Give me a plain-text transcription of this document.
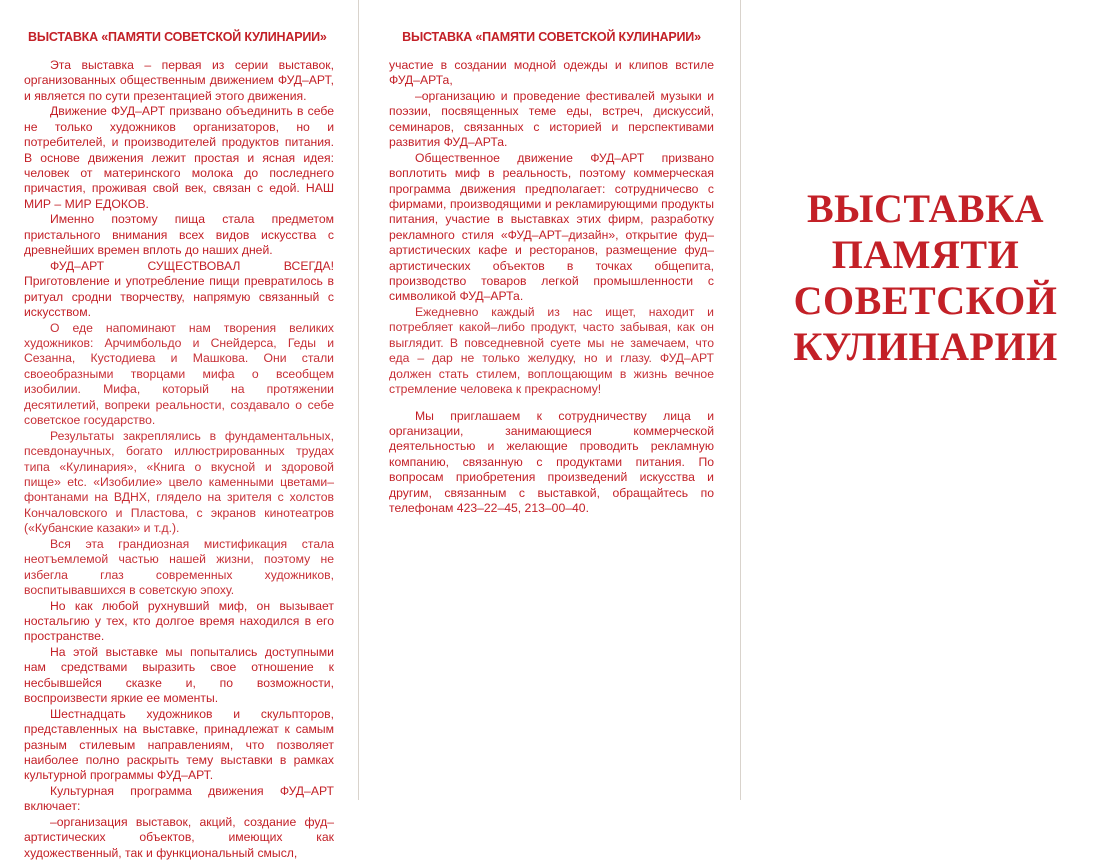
ВЫСТАВКА «ПАМЯТИ СОВЕТСКОЙ КУЛИНАРИИ»

Эта выставка – первая из серии выставок, организованных общественным движением ФУД–АРТ, и является по сути презентацией этого движения.

Движение ФУД–АРТ призвано объединить в себе не только художников организаторов, но и потребителей, и производителей продуктов питания. В основе движения лежит простая и ясная идея: человек от материнского молока до последнего причастия, проживая свой век, связан с едой. НАШ МИР – МИР ЕДОКОВ.

Именно поэтому пища стала предметом пристального внимания всех видов искусства с древнейших времен вплоть до наших дней.

ФУД–АРТ СУЩЕСТВОВАЛ ВСЕГДА! Приготовление и употребление пищи превратилось в ритуал сродни творчеству, напрямую связанный с искусством.

О еде напоминают нам творения великих художников: Арчимбольдо и Снейдерса, Геды и Сезанна, Кустодиева и Машкова. Они стали своеобразными творцами мифа о всеобщем изобилии. Мифа, который на протяжении десятилетий, вопреки реальности, создавало о себе советское государство.

Результаты закреплялись в фундаментальных, псевдонаучных, богато иллюстрированных трудах типа «Кулинария», «Книга о вкусной и здоровой пище» etc. «Изобилие» цвело каменными цветами–фонтанами на ВДНХ, глядело на зрителя с холстов Кончаловского и Пластова, с экранов кинотеатров («Кубанские казаки» и т.д.).

Вся эта грандиозная мистификация стала неотъемлемой частью нашей жизни, поэтому не избегла глаз современных художников, воспитывавшихся в советскую эпоху.

Но как любой рухнувший миф, он вызывает ностальгию у тех, кто долгое время находился в его пространстве.

На этой выставке мы попытались доступными нам средствами выразить свое отношение к несбывшейся сказке и, по возможности, воспроизвести яркие ее моменты.

Шестнадцать художников и скульпторов, представленных на выставке, принадлежат к самым разным стилевым направлениям, что позволяет наиболее полно раскрыть тему выставки в рамках культурной программы ФУД–АРТ.

Культурная программа движения ФУД–АРТ включает:

–организация выставок, акций, создание фуд–артистических объектов, имеющих как художественный, так и функциональный смысл,

ВЫСТАВКА «ПАМЯТИ СОВЕТСКОЙ КУЛИНАРИИ»

участие в создании модной одежды и клипов встиле ФУД–АРТа,

–организацию и проведение фестивалей музыки и поэзии, посвященных теме еды, встреч, дискуссий, семинаров, связанных с историей и перспективами развития ФУД–АРТа.

Общественное движение ФУД–АРТ призвано воплотить миф в реальность, поэтому коммерческая программа движения предполагает: сотрудничесво с фирмами, производящими и рекламирующими продукты питания, участие в выставках этих фирм, разработку рекламного стиля «ФУД–АРТ–дизайн», открытие фуд–артистических кафе и ресторанов, размещение фуд–артистических объектов в точках общепита, производство товаров легкой промышленности с символикой ФУД–АРТа.

Ежедневно каждый из нас ищет, находит и потребляет какой–либо продукт, часто забывая, как он выглядит. В повседневной суете мы не замечаем, что еда – дар не только желудку, но и глазу. ФУД–АРТ должен стать стилем, воплощающим в жизнь вечное стремление человека к прекрасному!

Мы приглашаем к сотрудничеству лица и организации, занимающиеся коммерческой деятельностью и желающие проводить рекламную компанию, связанную с продуктами питания. По вопросам приобретения произведений искусства и другим, связанным с выставкой, обращайтесь по телефонам 423–22–45, 213–00–40.

ВЫСТАВКА
ПАМЯТИ
СОВЕТСКОЙ
КУЛИНАРИИ
